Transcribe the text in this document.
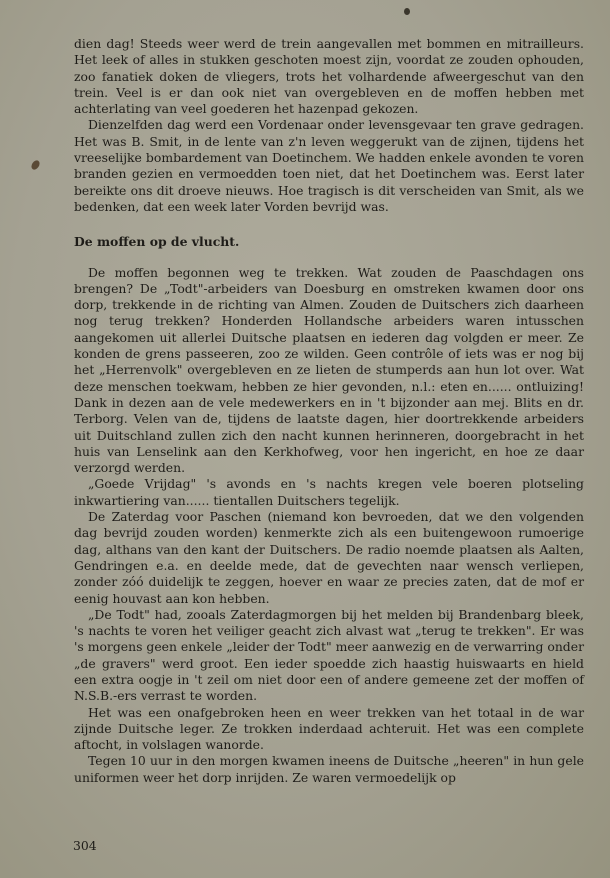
dien dag! Steeds weer werd de trein aangevallen met bommen en mitrailleurs. Het leek of alles in stukken geschoten moest zijn, voordat ze zouden ophouden, zoo fanatiek doken de vliegers, trots het volhardende afweergeschut van den trein. Veel is er dan ook niet van overgebleven en de moffen hebben met achterlating van veel goederen het hazenpad gekozen.

Dienzelfden dag werd een Vordenaar onder levensgevaar ten grave gedragen. Het was B. Smit, in de lente van z'n leven weggerukt van de zijnen, tijdens het vreeselijke bombardement van Doetinchem. We hadden enkele avonden te voren branden gezien en vermoedden toen niet, dat het Doetinchem was. Eerst later bereikte ons dit droeve nieuws. Hoe tragisch is dit verscheiden van Smit, als we bedenken, dat een week later Vorden bevrijd was.

De moffen op de vlucht.

De moffen begonnen weg te trekken. Wat zouden de Paaschdagen ons brengen? De „Todt"-arbeiders van Doesburg en omstreken kwamen door ons dorp, trekkende in de richting van Almen. Zouden de Duitschers zich daarheen nog terug trekken? Honderden Hollandsche arbeiders waren intusschen aangekomen uit allerlei Duitsche plaatsen en iederen dag volgden er meer. Ze konden de grens passeeren, zoo ze wilden. Geen contrôle of iets was er nog bij het „Herrenvolk" overgebleven en ze lieten de stumperds aan hun lot over. Wat deze menschen toekwam, hebben ze hier gevonden, n.l.: eten en...... ontluizing! Dank in dezen aan de vele medewerkers en in 't bijzonder aan mej. Blits en dr. Terborg. Velen van de, tijdens de laatste dagen, hier doortrekkende arbeiders uit Duitschland zullen zich den nacht kunnen herinneren, doorgebracht in het huis van Lenselink aan den Kerkhofweg, voor hen ingericht, en hoe ze daar verzorgd werden.

„Goede Vrijdag" 's avonds en 's nachts kregen vele boeren plotseling inkwartiering van...... tientallen Duitschers tegelijk.

De Zaterdag voor Paschen (niemand kon bevroeden, dat we den volgenden dag bevrijd zouden worden) kenmerkte zich als een buitengewoon rumoerige dag, althans van den kant der Duitschers. De radio noemde plaatsen als Aalten, Gendringen e.a. en deelde mede, dat de gevechten naar wensch verliepen, zonder zóó duidelijk te zeggen, hoever en waar ze precies zaten, dat de mof er eenig houvast aan kon hebben.

„De Todt" had, zooals Zaterdagmorgen bij het melden bij Brandenbarg bleek, 's nachts te voren het veiliger geacht zich alvast wat „terug te trekken". Er was 's morgens geen enkele „leider der Todt" meer aanwezig en de verwarring onder „de gravers" werd groot. Een ieder spoedde zich haastig huiswaarts en hield een extra oogje in 't zeil om niet door een of andere gemeene zet der moffen of N.S.B.-ers verrast te worden.

Het was een onafgebroken heen en weer trekken van het totaal in de war zijnde Duitsche leger. Ze trokken inderdaad achteruit. Het was een complete aftocht, in volslagen wanorde.

Tegen 10 uur in den morgen kwamen ineens de Duitsche „heeren" in hun gele uniformen weer het dorp inrijden. Ze waren vermoedelijk op

304
